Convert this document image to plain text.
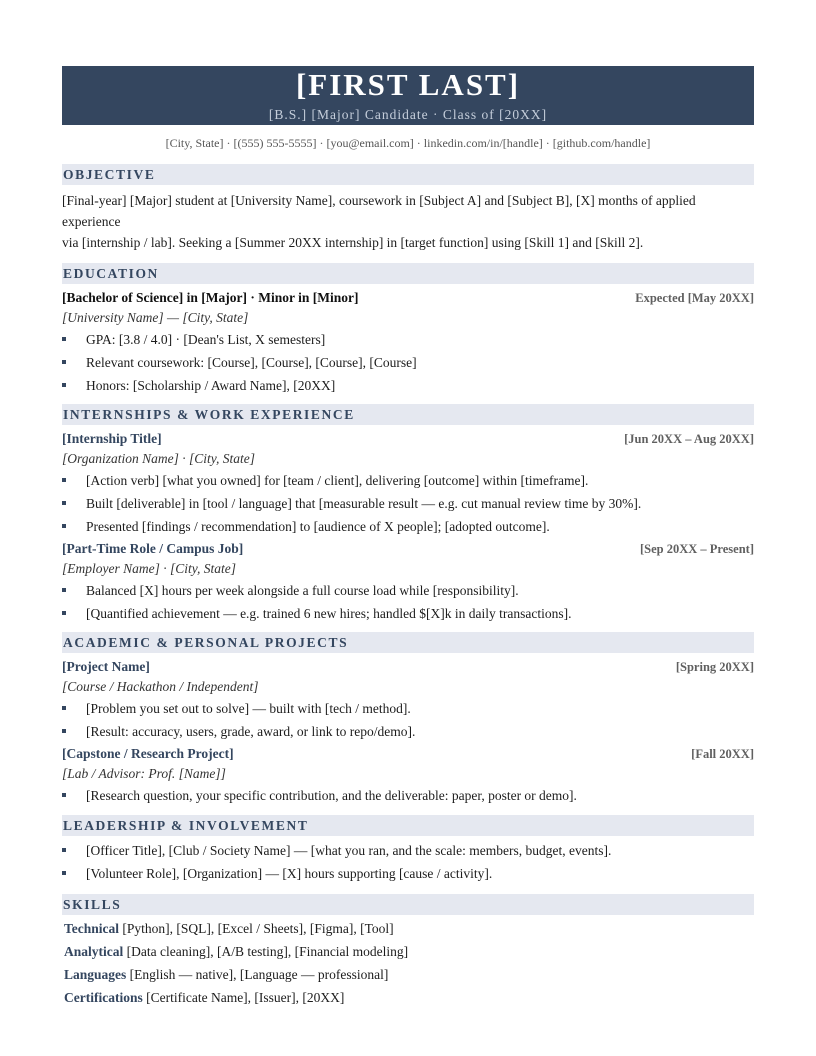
[FIRST LAST]
[B.S.] [Major] Candidate · Class of [20XX]
[City, State] · [(555) 555-5555] · [you@email.com] · linkedin.com/in/[handle] · [github.com/handle]
OBJECTIVE

[Final-year] [Major] student at [University Name], coursework in [Subject A] and [Subject B], [X] months of applied experience

via [internship / lab]. Seeking a [Summer 20XX internship] in [target function] using [Skill 1] and [Skill 2].

EDUCATION
[Bachelor of Science] in [Major] · Minor in [Minor]	Expected [May 20XX]
[University Name] — [City, State]
GPA: [3.8 / 4.0] · [Dean's List, X semesters]
Relevant coursework: [Course], [Course], [Course], [Course]
Honors: [Scholarship / Award Name], [20XX]
INTERNSHIPS & WORK EXPERIENCE
[Internship Title]	[Jun 20XX – Aug 20XX]
[Organization Name] · [City, State]
[Action verb] [what you owned] for [team / client], delivering [outcome] within [timeframe].
Built [deliverable] in [tool / language] that [measurable result — e.g. cut manual review time by 30%].
Presented [findings / recommendation] to [audience of X people]; [adopted outcome].
[Part-Time Role / Campus Job]	[Sep 20XX – Present]
[Employer Name] · [City, State]
Balanced [X] hours per week alongside a full course load while [responsibility].
[Quantified achievement — e.g. trained 6 new hires; handled $[X]k in daily transactions].
ACADEMIC & PERSONAL PROJECTS
[Project Name]	[Spring 20XX]
[Course / Hackathon / Independent]
[Problem you set out to solve] — built with [tech / method].
[Result: accuracy, users, grade, award, or link to repo/demo].
[Capstone / Research Project]	[Fall 20XX]
[Lab / Advisor: Prof. [Name]]
[Research question, your specific contribution, and the deliverable: paper, poster or demo].
LEADERSHIP & INVOLVEMENT
[Officer Title], [Club / Society Name] — [what you ran, and the scale: members, budget, events].
[Volunteer Role], [Organization] — [X] hours supporting [cause / activity].
SKILLS
Technical [Python], [SQL], [Excel / Sheets], [Figma], [Tool]
Analytical [Data cleaning], [A/B testing], [Financial modeling]
Languages [English — native], [Language — professional]
Certifications [Certificate Name], [Issuer], [20XX]
